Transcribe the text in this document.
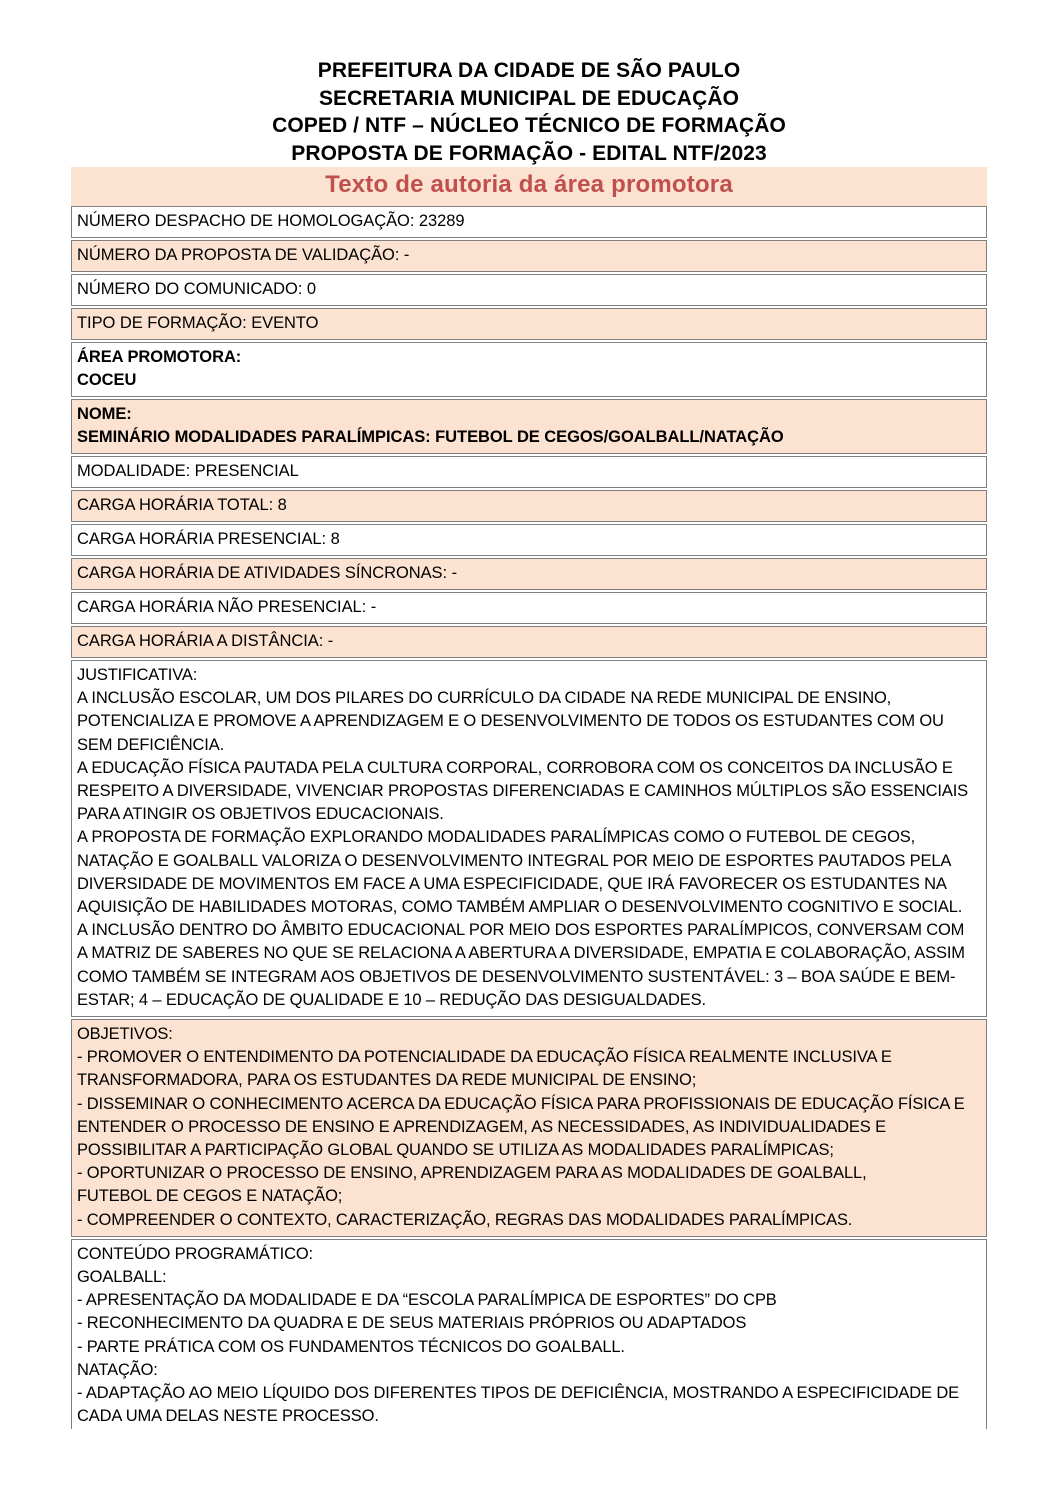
PREFEITURA DA CIDADE DE SÃO PAULO
SECRETARIA MUNICIPAL DE EDUCAÇÃO
COPED / NTF – NÚCLEO TÉCNICO DE FORMAÇÃO
PROPOSTA DE FORMAÇÃO - EDITAL NTF/2023
Texto de autoria da área promotora
NÚMERO DESPACHO DE HOMOLOGAÇÃO: 23289
NÚMERO DA PROPOSTA DE VALIDAÇÃO: -
NÚMERO DO COMUNICADO: 0
TIPO DE FORMAÇÃO: EVENTO
ÁREA PROMOTORA:
COCEU
NOME:
SEMINÁRIO MODALIDADES PARALÍMPICAS: FUTEBOL DE CEGOS/GOALBALL/NATAÇÃO
MODALIDADE: PRESENCIAL
CARGA HORÁRIA TOTAL: 8
CARGA HORÁRIA PRESENCIAL: 8
CARGA HORÁRIA DE ATIVIDADES SÍNCRONAS: -
CARGA HORÁRIA NÃO PRESENCIAL: -
CARGA HORÁRIA A DISTÂNCIA: -
JUSTIFICATIVA:
A INCLUSÃO ESCOLAR, UM DOS PILARES DO CURRÍCULO DA CIDADE NA REDE MUNICIPAL DE ENSINO,
POTENCIALIZA E PROMOVE A APRENDIZAGEM E O DESENVOLVIMENTO DE TODOS OS ESTUDANTES COM OU
SEM DEFICIÊNCIA.
A EDUCAÇÃO FÍSICA PAUTADA PELA CULTURA CORPORAL, CORROBORA COM OS CONCEITOS DA INCLUSÃO E
RESPEITO A DIVERSIDADE, VIVENCIAR PROPOSTAS DIFERENCIADAS E CAMINHOS MÚLTIPLOS SÃO ESSENCIAIS
PARA ATINGIR OS OBJETIVOS EDUCACIONAIS.
A PROPOSTA DE FORMAÇÃO EXPLORANDO MODALIDADES PARALÍMPICAS COMO O FUTEBOL DE CEGOS,
NATAÇÃO E GOALBALL VALORIZA O DESENVOLVIMENTO INTEGRAL POR MEIO DE ESPORTES PAUTADOS PELA
DIVERSIDADE DE MOVIMENTOS EM FACE A UMA ESPECIFICIDADE, QUE IRÁ FAVORECER OS ESTUDANTES NA
AQUISIÇÃO DE HABILIDADES MOTORAS, COMO TAMBÉM AMPLIAR O DESENVOLVIMENTO COGNITIVO E SOCIAL.
A INCLUSÃO DENTRO DO ÂMBITO EDUCACIONAL POR MEIO DOS ESPORTES PARALÍMPICOS, CONVERSAM COM
A MATRIZ DE SABERES NO QUE SE RELACIONA A ABERTURA A DIVERSIDADE, EMPATIA E COLABORAÇÃO, ASSIM
COMO TAMBÉM SE INTEGRAM AOS OBJETIVOS DE DESENVOLVIMENTO SUSTENTÁVEL: 3 – BOA SAÚDE E BEM-
ESTAR; 4 – EDUCAÇÃO DE QUALIDADE E 10 – REDUÇÃO DAS DESIGUALDADES.
OBJETIVOS:
- PROMOVER O ENTENDIMENTO DA POTENCIALIDADE DA EDUCAÇÃO FÍSICA REALMENTE INCLUSIVA E
TRANSFORMADORA, PARA OS ESTUDANTES DA REDE MUNICIPAL DE ENSINO;
- DISSEMINAR O CONHECIMENTO ACERCA DA EDUCAÇÃO FÍSICA PARA PROFISSIONAIS DE EDUCAÇÃO FÍSICA E
ENTENDER O PROCESSO DE ENSINO E APRENDIZAGEM, AS NECESSIDADES, AS INDIVIDUALIDADES E
POSSIBILITAR A PARTICIPAÇÃO GLOBAL QUANDO SE UTILIZA AS MODALIDADES PARALÍMPICAS;
- OPORTUNIZAR O PROCESSO DE ENSINO, APRENDIZAGEM PARA AS MODALIDADES DE GOALBALL,
FUTEBOL DE CEGOS E NATAÇÃO;
- COMPREENDER O CONTEXTO, CARACTERIZAÇÃO, REGRAS DAS MODALIDADES PARALÍMPICAS.
CONTEÚDO PROGRAMÁTICO:
GOALBALL:
- APRESENTAÇÃO DA MODALIDADE E DA “ESCOLA PARALÍMPICA DE ESPORTES” DO CPB
- RECONHECIMENTO DA QUADRA E DE SEUS MATERIAIS PRÓPRIOS OU ADAPTADOS
- PARTE PRÁTICA COM OS FUNDAMENTOS TÉCNICOS DO GOALBALL.
NATAÇÃO:
- ADAPTAÇÃO AO MEIO LÍQUIDO DOS DIFERENTES TIPOS DE DEFICIÊNCIA, MOSTRANDO A ESPECIFICIDADE DE
CADA UMA DELAS NESTE PROCESSO.
